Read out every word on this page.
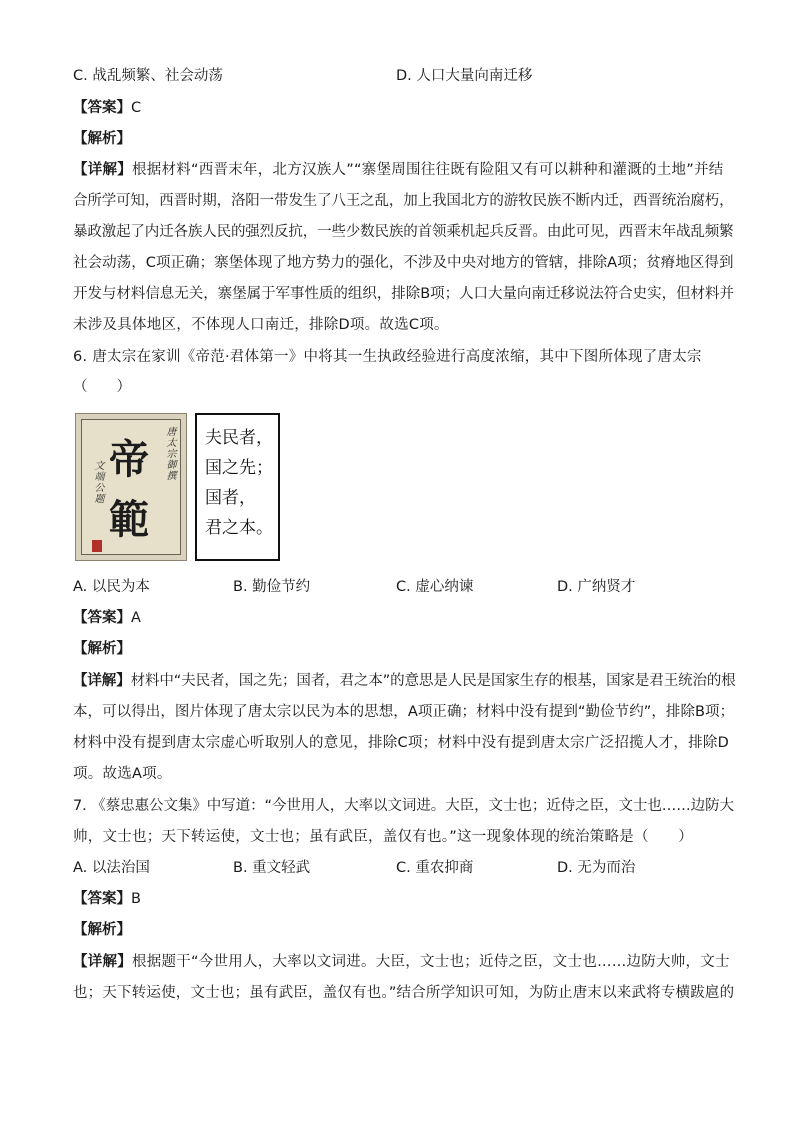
C. 战乱频繁、社会动荡	D. 人口大量向南迁移
【答案】C
【解析】
【详解】根据材料“西晋末年，北方汉族人”“寨堡周围往往既有险阻又有可以耕种和灌溉的土地”并结
合所学可知，西晋时期，洛阳一带发生了八王之乱，加上我国北方的游牧民族不断内迁，西晋统治腐朽，
暴政激起了内迁各族人民的强烈反抗，一些少数民族的首领乘机起兵反晋。由此可见，西晋末年战乱频繁
社会动荡，C项正确；寨堡体现了地方势力的强化，不涉及中央对地方的管辖，排除A项；贫瘠地区得到
开发与材料信息无关，寨堡属于军事性质的组织，排除B项；人口大量向南迁移说法符合史实，但材料并
未涉及具体地区，不体现人口南迁，排除D项。故选C项。
6. 唐太宗在家训《帝范·君体第一》中将其一生执政经验进行高度浓缩，其中下图所体现了唐太宗
（　　）
帝
範
唐太宗御撰
文端公题
夫民者，
国之先；
国者，
君之本。
A. 以民为本	B. 勤俭节约	C. 虚心纳谏	D. 广纳贤才
【答案】A
【解析】
【详解】材料中“夫民者，国之先；国者，君之本”的意思是人民是国家生存的根基，国家是君王统治的根
本，可以得出，图片体现了唐太宗以民为本的思想，A项正确；材料中没有提到“勤俭节约”，排除B项；
材料中没有提到唐太宗虚心听取别人的意见，排除C项；材料中没有提到唐太宗广泛招揽人才，排除D
项。故选A项。
7. 《蔡忠惠公文集》中写道：“今世用人，大率以文词进。大臣，文士也；近侍之臣，文士也……边防大
帅，文士也；天下转运使，文士也；虽有武臣，盖仅有也。”这一现象体现的统治策略是（　　）
A. 以法治国	B. 重文轻武	C. 重农抑商	D. 无为而治
【答案】B
【解析】
【详解】根据题干“今世用人，大率以文词进。大臣，文士也；近侍之臣，文士也……边防大帅，文士
也；天下转运使，文士也；虽有武臣，盖仅有也。”结合所学知识可知，为防止唐末以来武将专横跋扈的
